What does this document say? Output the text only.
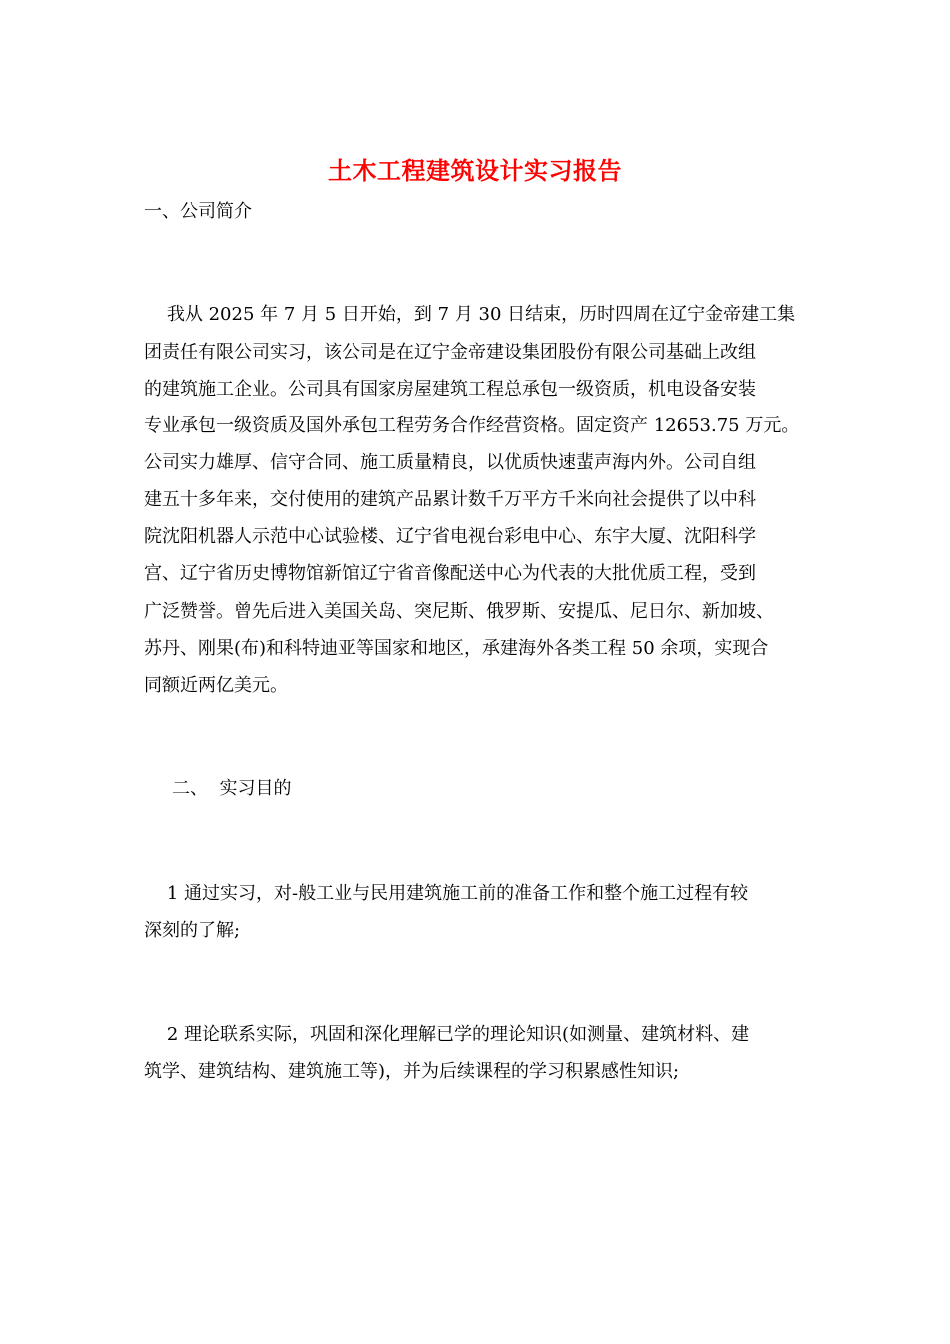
土木工程建筑设计实习报告
一、公司简介
我从 2025 年 7 月 5 日开始，到 7 月 30 日结束，历时四周在辽宁金帝建工集
团责任有限公司实习，该公司是在辽宁金帝建设集团股份有限公司基础上改组
的建筑施工企业。公司具有国家房屋建筑工程总承包一级资质，机电设备安装
专业承包一级资质及国外承包工程劳务合作经营资格。固定资产 12653.75 万元。
公司实力雄厚、信守合同、施工质量精良，以优质快速蜚声海内外。公司自组
建五十多年来，交付使用的建筑产品累计数千万平方千米向社会提供了以中科
院沈阳机器人示范中心试验楼、辽宁省电视台彩电中心、东宇大厦、沈阳科学
宫、辽宁省历史博物馆新馆辽宁省音像配送中心为代表的大批优质工程，受到
广泛赞誉。曾先后进入美国关岛、突尼斯、俄罗斯、安提瓜、尼日尔、新加坡、
苏丹、刚果(布)和科特迪亚等国家和地区，承建海外各类工程 50 余项，实现合
同额近两亿美元。
二、  实习目的
1 通过实习，对-般工业与民用建筑施工前的准备工作和整个施工过程有较
深刻的了解;
2 理论联系实际，巩固和深化理解已学的理论知识(如测量、建筑材料、建
筑学、建筑结构、建筑施工等)，并为后续课程的学习积累感性知识;
